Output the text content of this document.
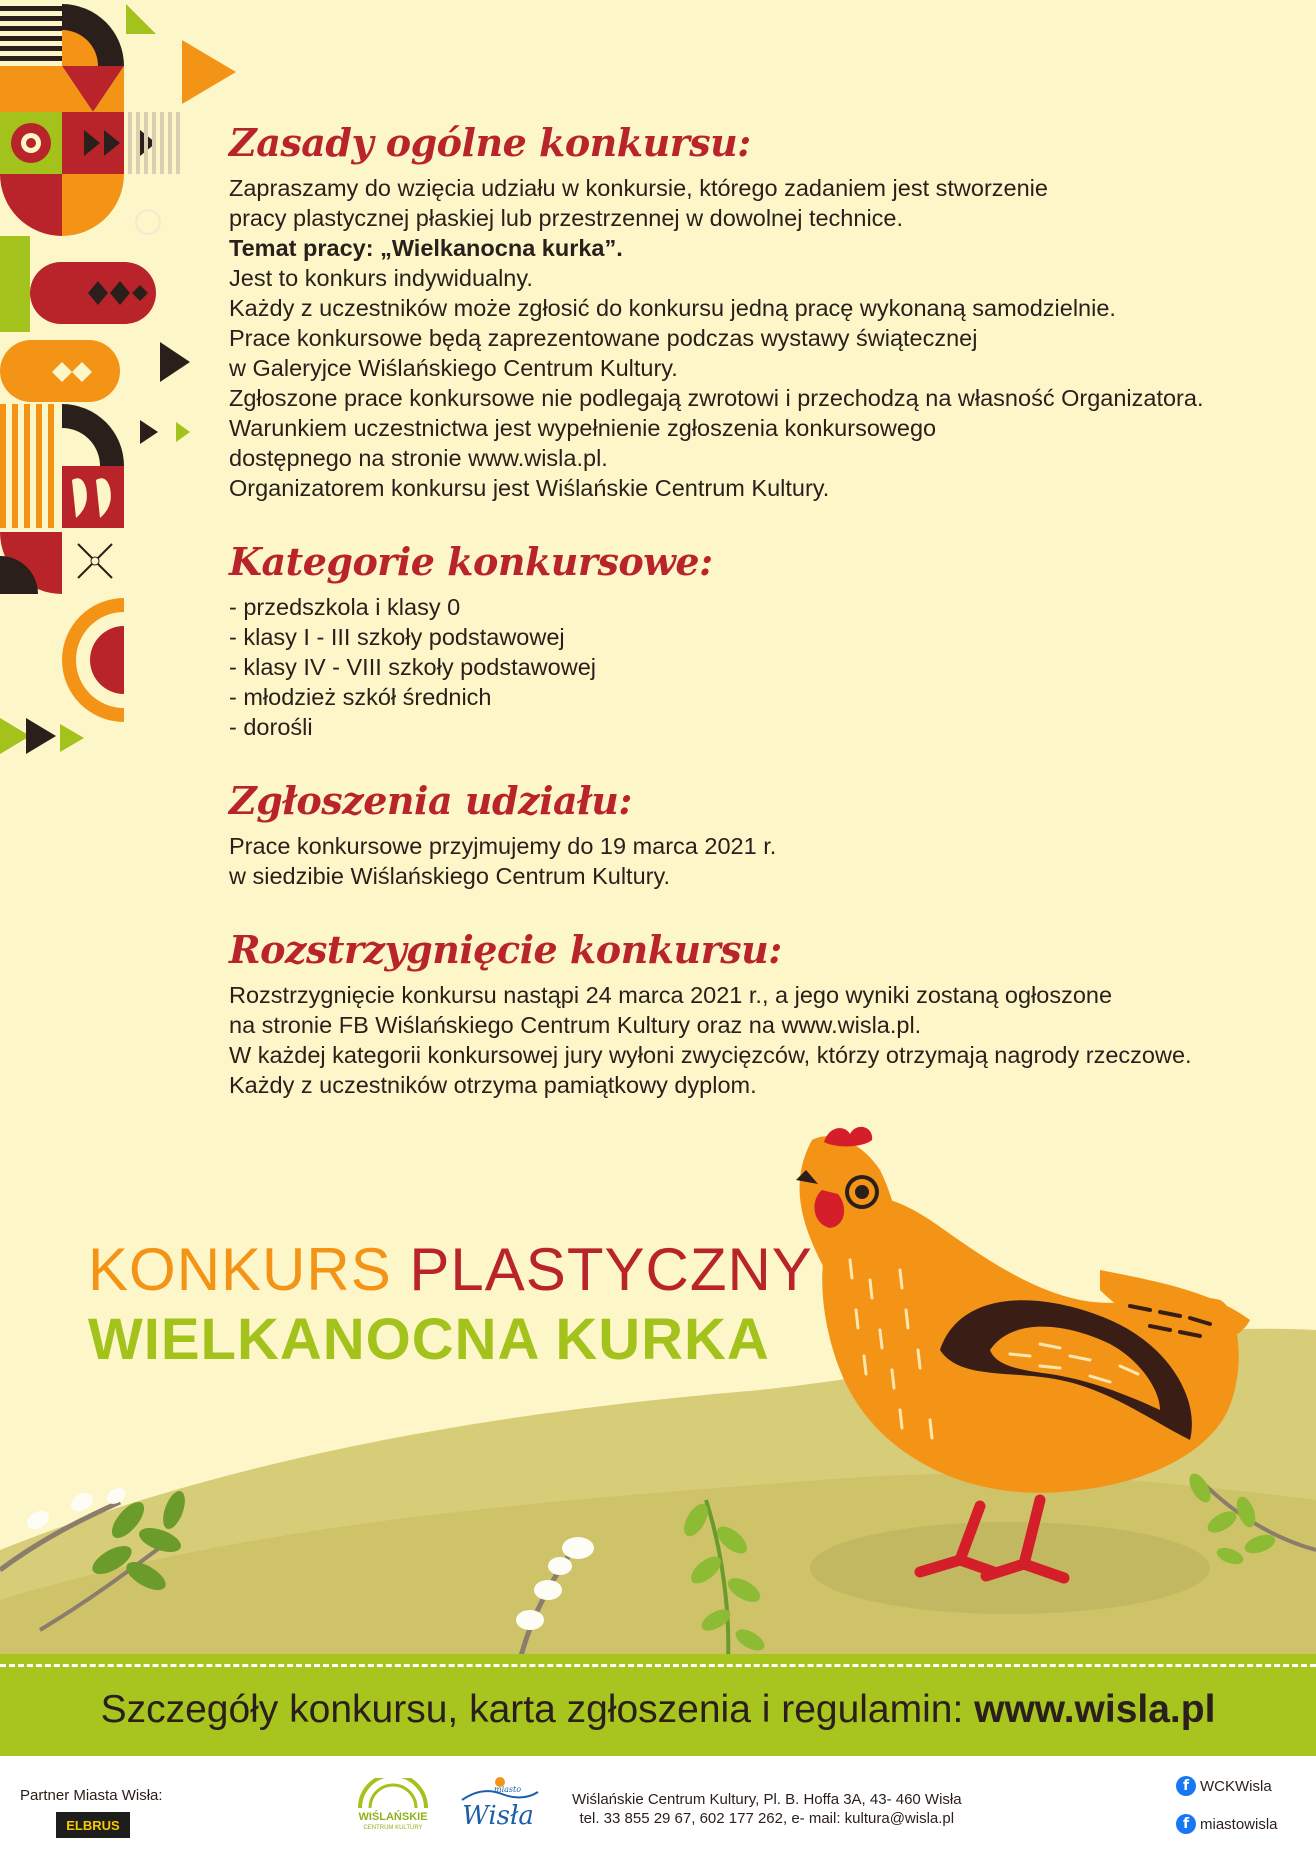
Zasady ogólne konkursu:

Zapraszamy do wzięcia udziału w konkursie, którego zadaniem jest stworzenie

pracy plastycznej płaskiej lub przestrzennej w dowolnej technice.

Temat pracy: „Wielkanocna kurka”.

Jest to konkurs indywidualny.

Każdy z uczestników może zgłosić do konkursu jedną pracę wykonaną samodzielnie.

Prace konkursowe będą zaprezentowane podczas wystawy świątecznej

w Galeryjce Wiślańskiego Centrum Kultury.

Zgłoszone prace konkursowe nie podlegają zwrotowi i przechodzą na własność Organizatora.

Warunkiem uczestnictwa jest wypełnienie zgłoszenia konkursowego

dostępnego na stronie www.wisla.pl.

Organizatorem konkursu jest Wiślańskie Centrum Kultury.

Kategorie konkursowe:
- przedszkola i klasy 0
- klasy I - III szkoły podstawowej
- klasy IV - VIII szkoły podstawowej
- młodzież szkół średnich
- dorośli
Zgłoszenia udziału:

Prace konkursowe przyjmujemy do 19 marca 2021 r.

w siedzibie Wiślańskiego Centrum Kultury.

Rozstrzygnięcie konkursu:

Rozstrzygnięcie konkursu nastąpi 24 marca 2021 r., a jego wyniki zostaną ogłoszone

na stronie FB Wiślańskiego Centrum Kultury oraz na www.wisla.pl.

W każdej kategorii konkursowej jury wyłoni zwycięzców, którzy otrzymają nagrody rzeczowe.

Każdy z uczestników otrzyma pamiątkowy dyplom.

KONKURS PLASTYCZNY
WIELKANOCNA KURKA
Szczegóły konkursu, karta zgłoszenia i regulamin: www.wisla.pl
Partner Miasta Wisła:
ELBRUS
WIŚLAŃSKIE
CENTRUM KULTURY
miasto
Wisła
Wiślańskie Centrum Kultury, Pl. B. Hoffa 3A, 43- 460 Wisła
tel. 33 855 29 67, 602 177 262, e- mail: kultura@wisla.pl
f WCKWisla
f miastowisla
